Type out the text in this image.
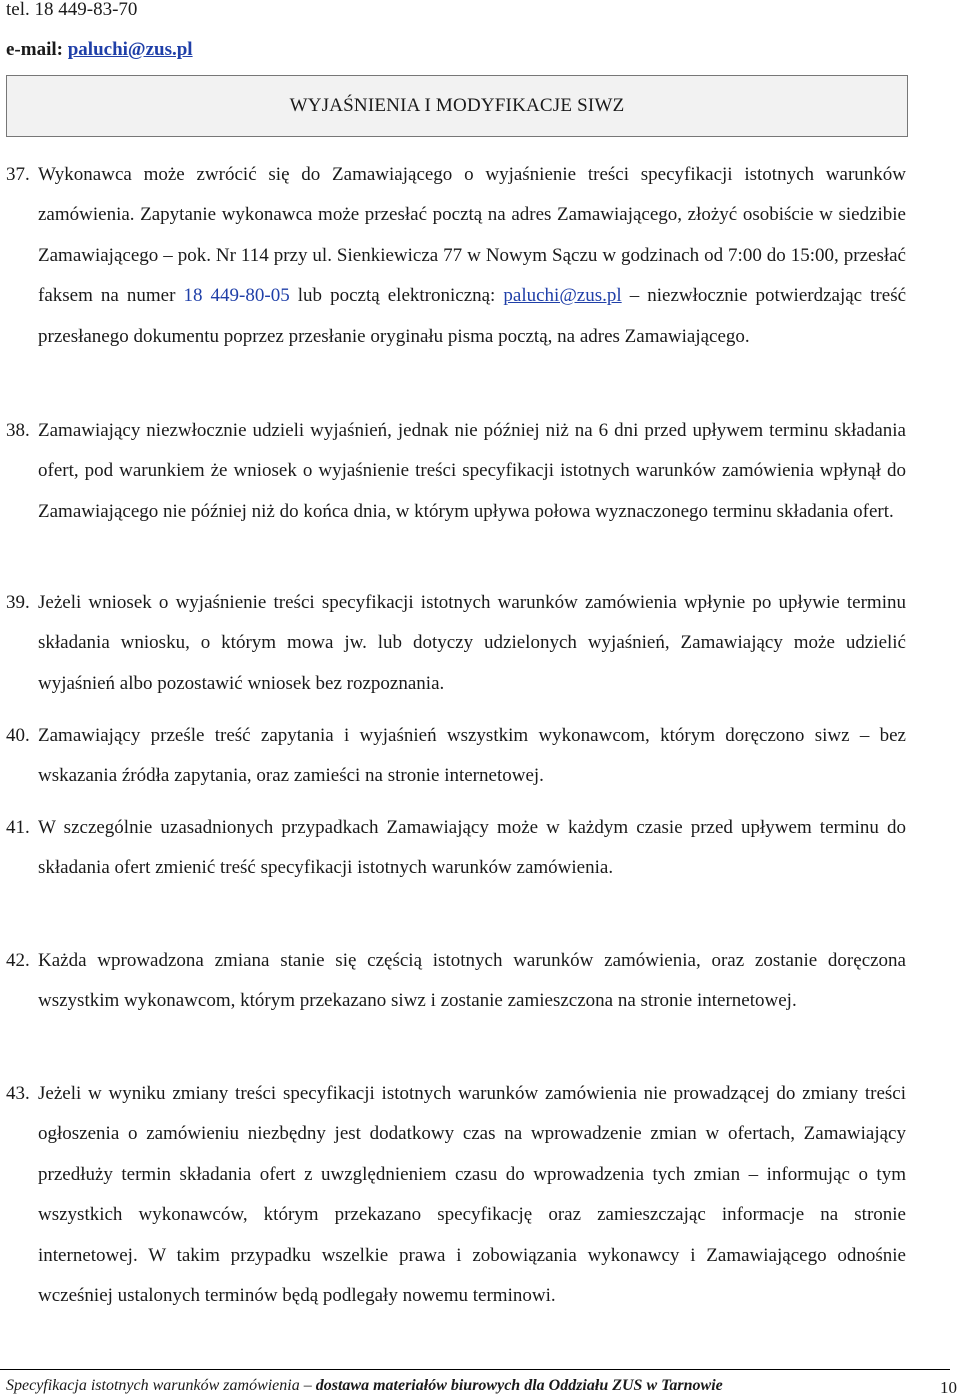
tel. 18 449-83-70
e-mail: paluchi@zus.pl
WYJAŚNIENIA I MODYFIKACJE SIWZ
37. Wykonawca może zwrócić się do Zamawiającego o wyjaśnienie treści specyfikacji istotnych warunków zamówienia. Zapytanie wykonawca może przesłać pocztą na adres Zamawiającego, złożyć osobiście w siedzibie Zamawiającego – pok. Nr 114 przy ul. Sienkiewicza 77 w Nowym Sączu w godzinach od 7:00 do 15:00, przesłać faksem na numer 18 449-80-05 lub pocztą elektroniczną: paluchi@zus.pl – niezwłocznie potwierdzając treść przesłanego dokumentu poprzez przesłanie oryginału pisma pocztą, na adres Zamawiającego.

38. Zamawiający niezwłocznie udzieli wyjaśnień, jednak nie później niż na 6 dni przed upływem terminu składania ofert, pod warunkiem że wniosek o wyjaśnienie treści specyfikacji istotnych warunków zamówienia wpłynął do Zamawiającego nie później niż do końca dnia, w którym upływa połowa wyznaczonego terminu składania ofert.

39. Jeżeli wniosek o wyjaśnienie treści specyfikacji istotnych warunków zamówienia wpłynie po upływie terminu składania wniosku, o którym mowa jw. lub dotyczy udzielonych wyjaśnień, Zamawiający może udzielić wyjaśnień albo pozostawić wniosek bez rozpoznania.

40. Zamawiający prześle treść zapytania i wyjaśnień wszystkim wykonawcom, którym doręczono siwz – bez wskazania źródła zapytania, oraz zamieści na stronie internetowej.

41. W szczególnie uzasadnionych przypadkach Zamawiający może w każdym czasie przed upływem terminu do składania ofert zmienić treść specyfikacji istotnych warunków zamówienia.

42. Każda wprowadzona zmiana stanie się częścią istotnych warunków zamówienia, oraz zostanie doręczona wszystkim wykonawcom, którym przekazano siwz i zostanie zamieszczona na stronie internetowej.

43. Jeżeli w wyniku zmiany treści specyfikacji istotnych warunków zamówienia nie prowadzącej do zmiany treści ogłoszenia o zamówieniu niezbędny jest dodatkowy czas na wprowadzenie zmian w ofertach, Zamawiający przedłuży termin składania ofert z uwzględnieniem czasu do wprowadzenia tych zmian – informując o tym wszystkich wykonawców, którym przekazano specyfikację oraz zamieszczając informacje na stronie internetowej. W takim przypadku wszelkie prawa i zobowiązania wykonawcy i Zamawiającego odnośnie wcześniej ustalonych terminów będą podlegały nowemu terminowi.

Specyfikacja istotnych warunków zamówienia – dostawa materiałów biurowych dla Oddziału ZUS w Tarnowie	10
